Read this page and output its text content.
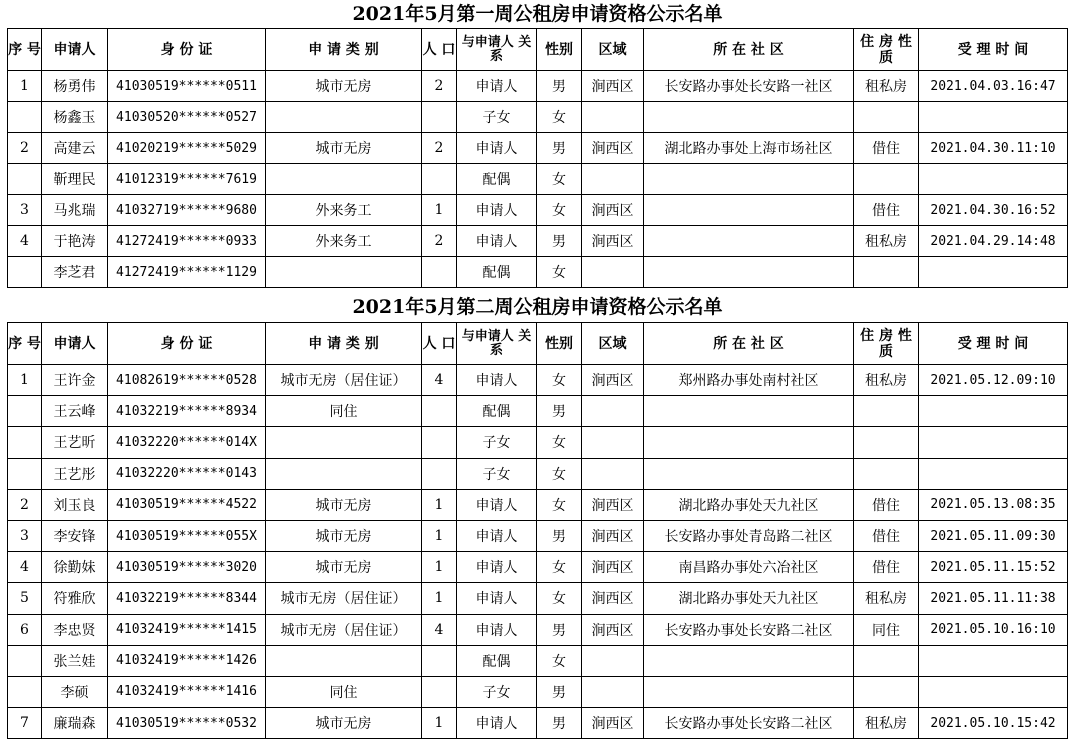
2021年5月第一周公租房申请资格公示名单
序 号	申请人	身 份 证	申 请 类 别	人 口	与申请人 关　系	性别	区域	所 在 社 区	住 房 性 质	受 理 时 间
1	杨勇伟	41030519******0511	城市无房	2	申请人	男	涧西区	长安路办事处长安路一社区	租私房	2021.04.03.16:47
	杨鑫玉	41030520******0527			子女	女				
2	高建云	41020219******5029	城市无房	2	申请人	男	涧西区	湖北路办事处上海市场社区	借住	2021.04.30.11:10
	靳理民	41012319******7619			配偶	女				
3	马兆瑞	41032719******9680	外来务工	1	申请人	女	涧西区		借住	2021.04.30.16:52
4	于艳涛	41272419******0933	外来务工	2	申请人	男	涧西区		租私房	2021.04.29.14:48
	李芝君	41272419******1129			配偶	女				
2021年5月第二周公租房申请资格公示名单
序 号	申请人	身 份 证	申 请 类 别	人 口	与申请人 关　系	性别	区域	所 在 社 区	住 房 性 质	受 理 时 间
1	王许金	41082619******0528	城市无房（居住证）	4	申请人	女	涧西区	郑州路办事处南村社区	租私房	2021.05.12.09:10
	王云峰	41032219******8934	同住		配偶	男				
	王艺昕	41032220******014X			子女	女				
	王艺彤	41032220******0143			子女	女				
2	刘玉良	41030519******4522	城市无房	1	申请人	女	涧西区	湖北路办事处天九社区	借住	2021.05.13.08:35
3	李安锋	41030519******055X	城市无房	1	申请人	男	涧西区	长安路办事处青岛路二社区	借住	2021.05.11.09:30
4	徐勤妹	41030519******3020	城市无房	1	申请人	女	涧西区	南昌路办事处六冶社区	借住	2021.05.11.15:52
5	符雅欣	41032219******8344	城市无房（居住证）	1	申请人	女	涧西区	湖北路办事处天九社区	租私房	2021.05.11.11:38
6	李忠贤	41032419******1415	城市无房（居住证）	4	申请人	男	涧西区	长安路办事处长安路二社区	同住	2021.05.10.16:10
	张兰娃	41032419******1426			配偶	女				
	李硕	41032419******1416	同住		子女	男				
7	廉瑞森	41030519******0532	城市无房	1	申请人	男	涧西区	长安路办事处长安路二社区	租私房	2021.05.10.15:42
